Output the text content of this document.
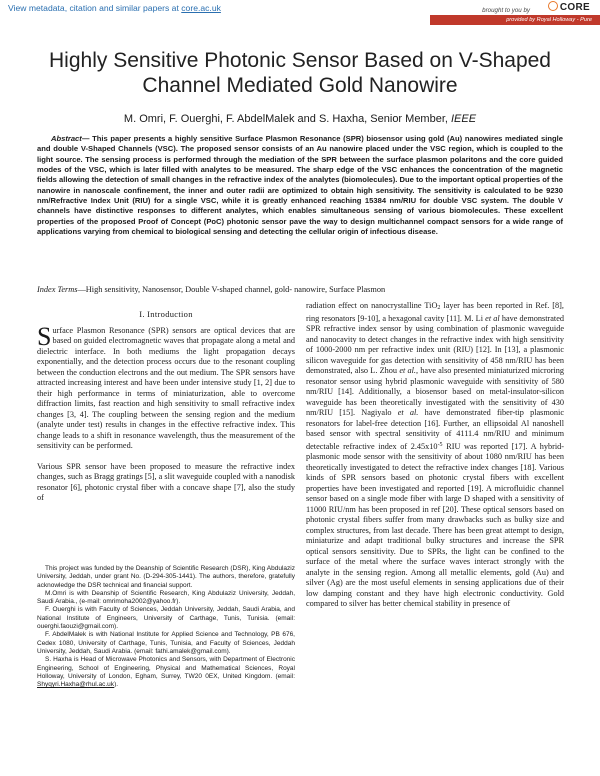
View metadata, citation and similar papers at core.ac.uk	brought to you by	CORE
provided by Royal Holloway - Pure
Highly Sensitive Photonic Sensor Based on V-Shaped Channel Mediated Gold Nanowire
M. Omri, F. Ouerghi, F. AbdelMalek and S. Haxha, Senior Member, IEEE
Abstract— This paper presents a highly sensitive Surface Plasmon Resonance (SPR) biosensor using gold (Au) nanowires mediated single and double V-Shaped Channels (VSC). The proposed sensor consists of an Au nanowire placed under the VSC region, which is coupled to the light source. The sensing process is performed through the mediation of the SPR between the surface plasmon polaritons and the core guided modes of the VSC, which is later filled with analytes to be measured. The sharp edge of the VSC enhances the concentration of the magnetic fields allowing the detection of small changes in the refractive index of the analytes (biomolecules). Due to the important optical properties of the nanowire in nanoscale confinement, the inner and outer radii are optimized to obtain high sensitivity. The sensitivity is calculated to be 9230 nm/Refractive Index Unit (RIU) for a single VSC, while it is greatly enhanced reaching 15384 nm/RIU for double VSC system. The double V channels have distinctive responses to different analytes, which enables simultaneous sensing of various biomolecules. These excellent properties of the proposed Proof of Concept (PoC) photonic sensor pave the way to design multichannel compact sensors for a wide range of applications varying from chemical to biological sensing and detecting the cellular origin of infectious disease.
Index Terms—High sensitivity, Nanosensor, Double V-shaped channel, gold- nanowire, Surface Plasmon
I. Introduction

Surface Plasmon Resonance (SPR) sensors are optical devices that are based on guided electromagnetic waves that propagate along a metal and dielectric interface. In both mediums the light propagation decays exponentially, and the detection process occurs due to the resonant coupling between the conduction electrons and the out medium. The SPR sensors have attracted increasing interest and have been under intensive study [1, 2] due to their high performance in terms of miniaturization, able to overcome diffraction limits, fast reaction and high sensitivity to small refractive index changes [3, 4]. The coupling between the sensing region and the medium (analyte under test) results in changes in the effective refractive index. This change leads to a shift in resonance wavelength, thus the measurement of the sensitivity can be performed.

Various SPR sensor have been proposed to measure the refractive index changes, such as Bragg gratings [5], a slit waveguide coupled with a nanodisk resonator [6], photonic crystal fiber with a concave shape [7], also the study of

This project was funded by the Deanship of Scientific Research (DSR), King Abdulaziz University, Jeddah, under grant No. (D-294-305-1441). The authors, therefore, gratefully acknowledge the DSR technical and financial support.

M.Omri is with Deanship of Scientific Research, King Abdulaziz University, Jeddah, Saudi Arabia., (e-mail: omrimoha2002@yahoo.fr).

F. Ouerghi is with Faculty of Sciences, Jeddah University, Jeddah, Saudi Arabia, and National Institute of Engineers, University of Carthage, Tunis, Tunisia. (email: ouerghi.faouzi@gmail.com).

F. AbdelMalek is with National Institute for Applied Science and Technology, PB 676, Cedex 1080, University of Carthage, Tunis, Tunisia, and Faculty of Sciences, Jeddah University, Jeddah, Saudi Arabia. (email: fathi.amalek@gmail.com).

S. Haxha is Head of Microwave Photonics and Sensors, with Department of Electronic Engineering, School of Engineering, Physical and Mathematical Sciences, Royal Holloway, University of London, Egham, Surrey, TW20 0EX, United Kingdom. (email: Shyqyri.Haxha@rhul.ac.uk).

radiation effect on nanocrystalline TiO2 layer has been reported in Ref. [8], ring resonators [9-10], a hexagonal cavity [11]. M. Li et al have demonstrated SPR refractive index sensor by using combination of plasmonic waveguide and nanocavity to detect changes in the refractive index with high sensitivity of 1000-2000 nm per refractive index unit (RIU) [12]. In [13], a plasmonic silicon waveguide for gas detection with sensitivity of 458 nm/RIU has been demonstrated, also L. Zhou et al., have also presented miniaturized microring resonator sensor using hybrid plasmonic waveguide with sensitivity of 580 nm/RIU [14]. Additionally, a biosensor based on metal-insulator-silicon waveguide has been theoretically investigated with the sensitivity of 430 nm/RIU [15]. Nagiyalo et al. have demonstrated fiber-tip plasmonic resonators for label-free detection [16]. Further, an ellipsoidal Al nanoshell based sensor with spectral sensitivity of 4111.4 nm/RIU and minimum detectable refractive index of $2.45x10^{-5}$ RIU was reported [17]. A hybrid-plasmonic mode sensor with the sensitivity of about 1080 nm/RIU has been theoretically investigated to detect the refractive index changes [18]. Various kinds of SPR sensors based on photonic crystal fibers with excellent properties have been investigated and reported [19]. A microfluidic channel sensor based on a single mode fiber with large D shaped with a sensitivity of 11000 RIU/nm has been proposed in ref [20]. These optical sensors based on photonic crystal fibers suffer from many drawbacks such as bulky size and complex structures, from last decade. There has been great attempt to design, miniaturize and adapt traditional bulky structures and increase the SPR optical sensors sensitivity. Due to SPRs, the light can be confined to the surface of the metal where the surface waves interact strongly with the analyte in the sensing region. Among all metallic elements, gold (Au) and silver (Ag) are the most useful elements in sensing applications due of their low damping constant and they have high electronic conductivity. Gold compared to silver has better chemical stability in presence of
